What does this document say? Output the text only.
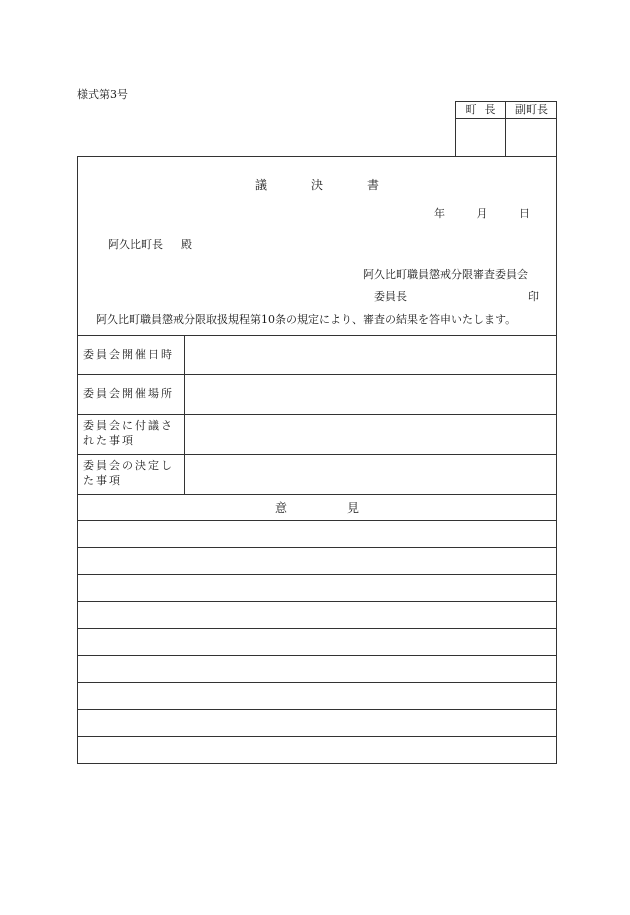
様式第3号
町長	副町長
議決書
年	月	日
阿久比町長 殿
阿久比町職員懲戒分限審査委員会
委員長	印
阿久比町職員懲戒分限取扱規程第10条の規定により、審査の結果を答申いたします。
委員会開催日時
委員会開催場所
委員会に付議された事項
委員会の決定した事項
意見
